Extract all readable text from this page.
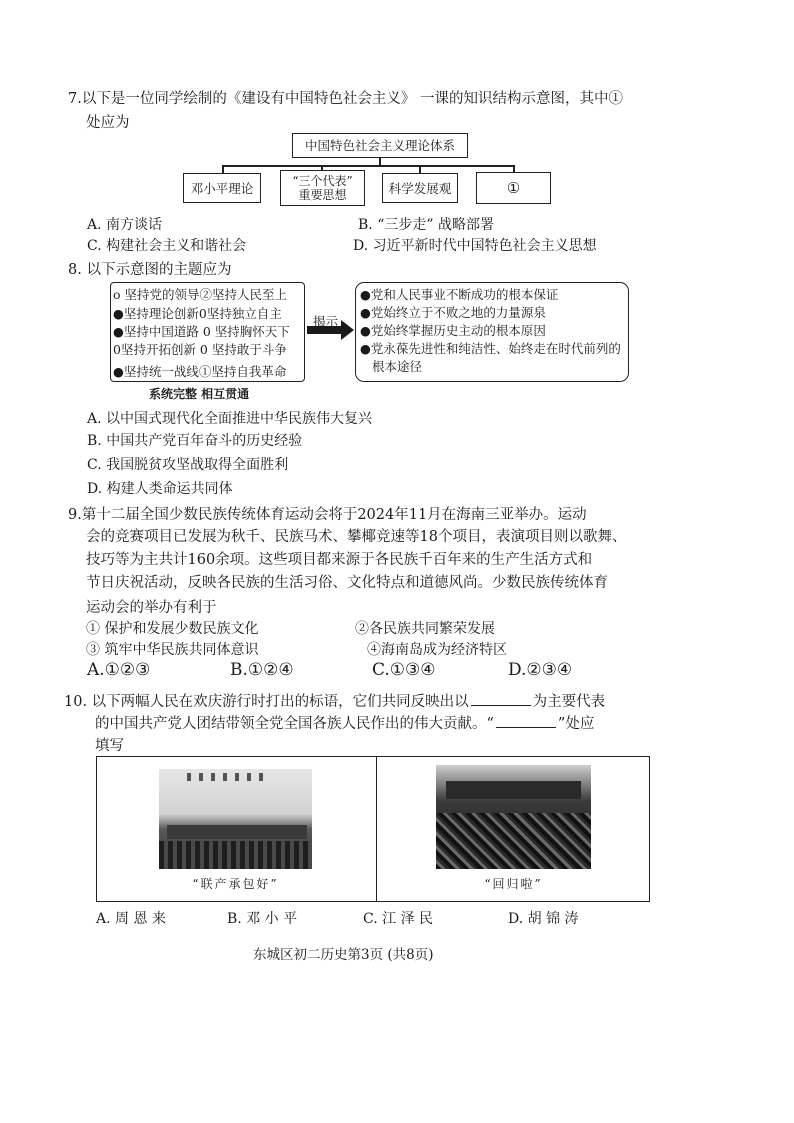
7.以下是一位同学绘制的《建设有中国特色社会主义》 一课的知识结构示意图，其中①
处应为
中国特色社会主义理论体系
邓小平理论	“三个代表”
重要思想	科学发展观	①
A. 南方谈话	B. “三步走” 战略部署
C. 构建社会主义和谐社会	D. 习近平新时代中国特色社会主义思想
8. 以下示意图的主题应为
o 坚持党的领导②坚持人民至上
●坚持理论创新0坚持独立自主
●坚持中国道路 0 坚持胸怀天下
0坚持开拓创新 0 坚持敢于斗争
●坚持统一战线①坚持自我革命
揭示
●党和人民事业不断成功的根本保证
●党始终立于不败之地的力量源泉
●党始终掌握历史主动的根本原因
●党永葆先进性和纯洁性、始终走在时代前列的
根本途径
系统完整 相互贯通
A. 以中国式现代化全面推进中华民族伟大复兴
B. 中国共产党百年奋斗的历史经验
C. 我国脱贫攻坚战取得全面胜利
D. 构建人类命运共同体
9.第十二届全国少数民族传统体育运动会将于2024年11月在海南三亚举办。运动
会的竞赛项目已发展为秋千、民族马术、攀椰竞速等18个项目，表演项目则以歌舞、
技巧等为主共计160余项。这些项目都来源于各民族千百年来的生产生活方式和
节日庆祝活动，反映各民族的生活习俗、文化特点和道德风尚。少数民族传统体育
运动会的举办有利于
① 保护和发展少数民族文化	②各民族共同繁荣发展
③ 筑牢中华民族共同体意识	④海南岛成为经济特区
A.①②③	B.①②④	C.①③④	D.②③④
10. 以下两幅人民在欢庆游行时打出的标语，它们共同反映出以	为主要代表
的中国共产党人团结带领全党全国各族人民作出的伟大贡献。“	”处应
填写
“联产承包好”	“回归啦”
A. 周 恩 来	B. 邓 小 平	C. 江 泽 民	D. 胡 锦 涛
东城区初二历史第3页 (共8页)
